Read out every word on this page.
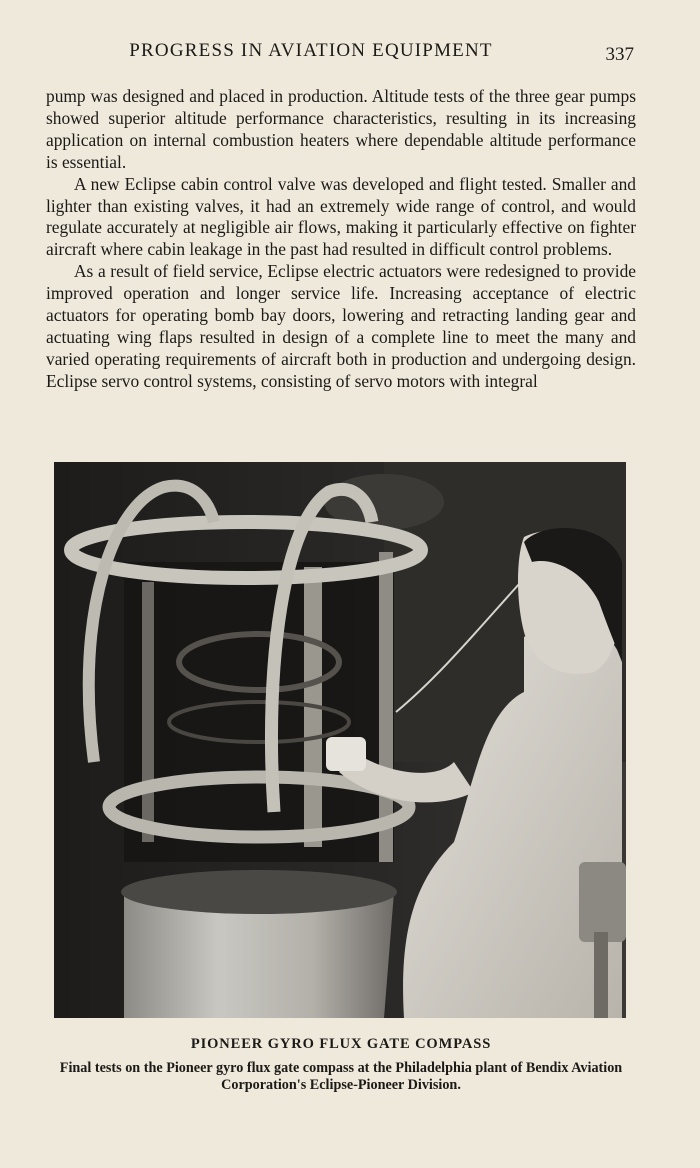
PROGRESS IN AVIATION EQUIPMENT	337

pump was designed and placed in production. Altitude tests of the three gear pumps showed superior altitude performance characteristics, resulting in its increasing application on internal combustion heaters where dependable altitude performance is essential.

A new Eclipse cabin control valve was developed and flight tested. Smaller and lighter than existing valves, it had an extremely wide range of control, and would regulate accurately at negligible air flows, making it particularly effective on fighter aircraft where cabin leakage in the past had resulted in difficult control problems.

As a result of field service, Eclipse electric actuators were redesigned to provide improved operation and longer service life. Increasing acceptance of electric actuators for operating bomb bay doors, lowering and retracting landing gear and actuating wing flaps resulted in design of a complete line to meet the many and varied operating requirements of aircraft both in production and undergoing design. Eclipse servo control systems, consisting of servo motors with integral

PIONEER GYRO FLUX GATE COMPASS
Final tests on the Pioneer gyro flux gate compass at the Philadelphia plant of Bendix Aviation Corporation's Eclipse-Pioneer Division.
